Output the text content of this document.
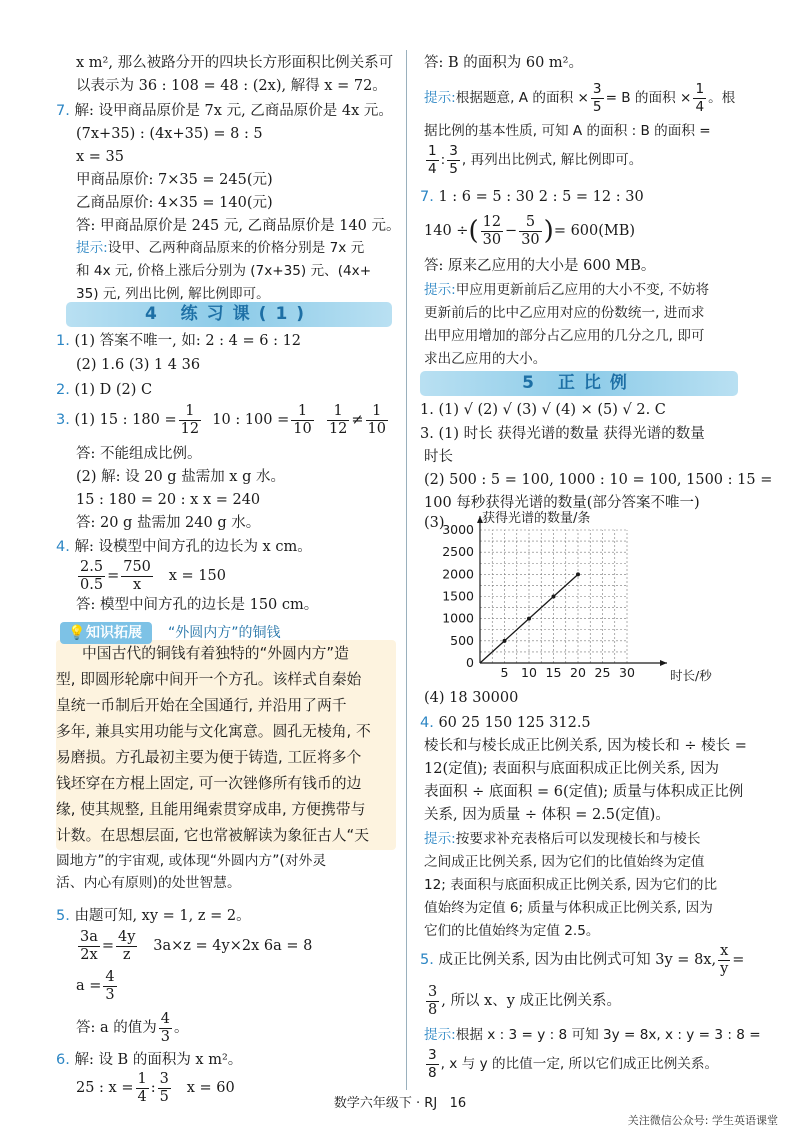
x m², 那么被路分开的四块长方形面积比例关系可
以表示为 36 : 108 = 48 : (2x), 解得 x = 72。
7. 解: 设甲商品原价是 7x 元, 乙商品原价是 4x 元。
(7x+35) : (4x+35) = 8 : 5
x = 35
甲商品原价: 7×35 = 245(元)
乙商品原价: 4×35 = 140(元)
答: 甲商品原价是 245 元, 乙商品原价是 140 元。
提示:设甲、乙两种商品原来的价格分别是 7x 元
和 4x 元, 价格上涨后分别为 (7x+35) 元、(4x+
35) 元, 列出比例, 解比例即可。
4 练习课(1)
1. (1) 答案不唯一, 如: 2 : 4 = 6 : 12
(2) 1.6 (3) 1 4 36
2. (1) D (2) C
3. (1) 15 : $180 = \frac{1}{12} 10$ : $100 = \frac{1}{10}$
$\frac{1}{12} \ne \frac{1}{10}$
答: 不能组成比例。
(2) 解: 设 20 g 盐需加 x g 水。
15 : 180 = 20 : x x = 240
答: 20 g 盐需加 240 g 水。
4. 解: 设模型中间方孔的边长为 x cm。
$\frac{2.5}{0.5} = \frac{750}{x}$ x = 150
答: 模型中间方孔的边长是 150 cm。
💡 知识拓展	“外圆内方”的铜钱
中国古代的铜钱有着独特的“外圆内方”造
型, 即圆形轮廓中间开一个方孔。该样式自秦始
皇统一币制后开始在全国通行, 并沿用了两千
多年, 兼具实用功能与文化寓意。圆孔无棱角, 不
易磨损。方孔最初主要为便于铸造, 工匠将多个
钱坯穿在方棍上固定, 可一次锉修所有钱币的边
缘, 使其规整, 且能用绳索贯穿成串, 方便携带与
计数。在思想层面, 它也常被解读为象征古人“天
圆地方”的宇宙观, 或体现“外圆内方”(对外灵
活、内心有原则)的处世智慧。
5. 由题可知, xy = 1, z = 2。
$\frac{3a}{2x} = \frac{4y}{z} 3a\times z = 4y\times 2x$ 6a = 8
$a = \frac{4}{3}$
答: a 的值为 $\frac{4}{3}$ 。
6. 解: 设 B 的面积为 x m²。
25 : $x = \frac{1}{4}$ : $\frac{3}{5}$ x = 60
答: B 的面积为 60 m²。
提示:根据题意, A 的面积 × $\frac{3}{5} = B$ 的面积 × $\frac{1}{4}$ 。根
据比例的基本性质, 可知 A 的面积 : B 的面积 =
$\frac{1}{4}$ : $\frac{3}{5}$ , 再列出比例式, 解比例即可。
7. 1 : 6 = 5 : 30 2 : 5 = 12 : 30
140 ÷( $\frac{12}{30} - \frac{5}{30}$ )= 600(MB)
答: 原来乙应用的大小是 600 MB。
提示:甲应用更新前后乙应用的大小不变, 不妨将
更新前后的比中乙应用对应的份数统一, 进而求
出甲应用增加的部分占乙应用的几分之几, 即可
求出乙应用的大小。
5 正比例
1. (1) √ (2) √ (3) √ (4) × (5) √ 2. C
3. (1) 时长 获得光谱的数量 获得光谱的数量
时长
(2) 500 : 5 = 100, 1000 : 10 = 100, 1500 : 15 =
100 每秒获得光谱的数量(部分答案不唯一)
(3)
5 10 15 20 25 30
0
500
1000
1500
2000
2500
3000
获得光谱的数量/条
时长/秒
(4) 18 30000
4. 60 25 150 125 312.5
棱长和与棱长成正比例关系, 因为棱长和 ÷ 棱长 =
12(定值); 表面积与底面积成正比例关系, 因为
表面积 ÷ 底面积 = 6(定值); 质量与体积成正比例
关系, 因为质量 ÷ 体积 = 2.5(定值)。
提示:按要求补充表格后可以发现棱长和与棱长
之间成正比例关系, 因为它们的比值始终为定值
12; 表面积与底面积成正比例关系, 因为它们的比
值始终为定值 6; 质量与体积成正比例关系, 因为
它们的比值始终为定值 2.5。
5. 成正比例关系, 因为由比例式可知 3y = 8x, $\frac{x}{y}$ =
$\frac{3}{8}$ , 所以 x、y 成正比例关系。
提示:根据 x : 3 = y : 8 可知 3y = 8x, x : y = 3 : 8 =
$\frac{3}{8}$ , x 与 y 的比值一定, 所以它们成正比例关系。
数学六年级下 · RJ 16
关注微信公众号: 学生英语课堂
